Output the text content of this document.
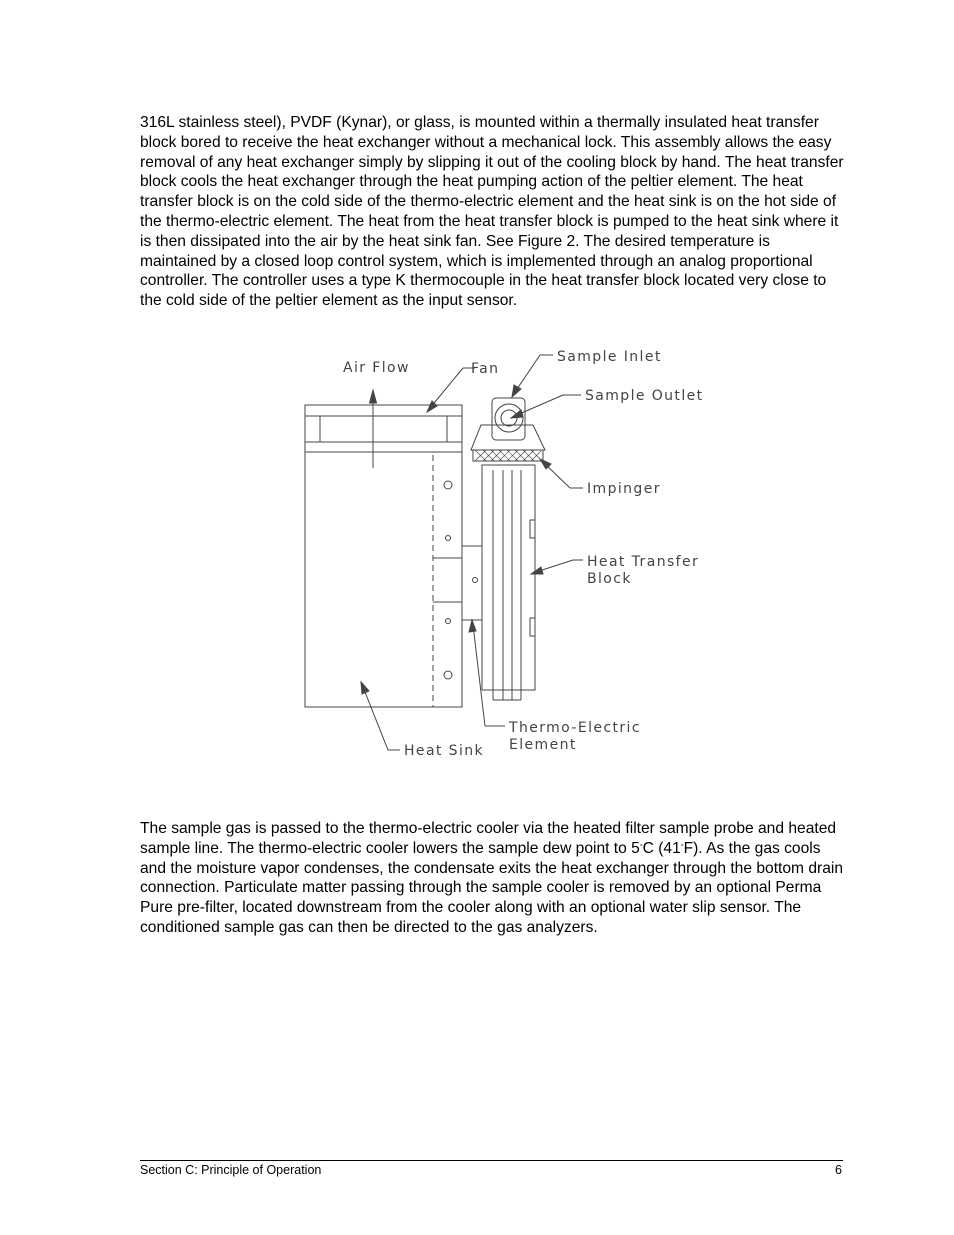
316L stainless steel), PVDF (Kynar), or glass, is mounted within a thermally insulated heat transfer block bored to receive the heat exchanger without a mechanical lock. This assembly allows the easy removal of any heat exchanger simply by slipping it out of the cooling block by hand. The heat transfer block cools the heat exchanger through the heat pumping action of the peltier element. The heat transfer block is on the cold side of the thermo-electric element and the heat sink is on the hot side of the thermo-electric element. The heat from the heat transfer block is pumped to the heat sink where it is then dissipated into the air by the heat sink fan. See Figure 2. The desired temperature is maintained by a closed loop control system, which is implemented through an analog proportional controller. The controller uses a type K thermocouple in the heat transfer block located very close to the cold side of the peltier element as the input sensor.

Air Flow	Fan
Sample Inlet
Sample Outlet
Impinger
Heat Transfer
Block
Thermo-Electric
Element
Heat Sink

The sample gas is passed to the thermo-electric cooler via the heated filter sample probe and heated sample line. The thermo-electric cooler lowers the sample dew point to 5°C (41°F). As the gas cools and the moisture vapor condenses, the condensate exits the heat exchanger through the bottom drain connection. Particulate matter passing through the sample cooler is removed by an optional Perma Pure pre-filter, located downstream from the cooler along with an optional water slip sensor. The conditioned sample gas can then be directed to the gas analyzers.

Section C: Principle of Operation	6
